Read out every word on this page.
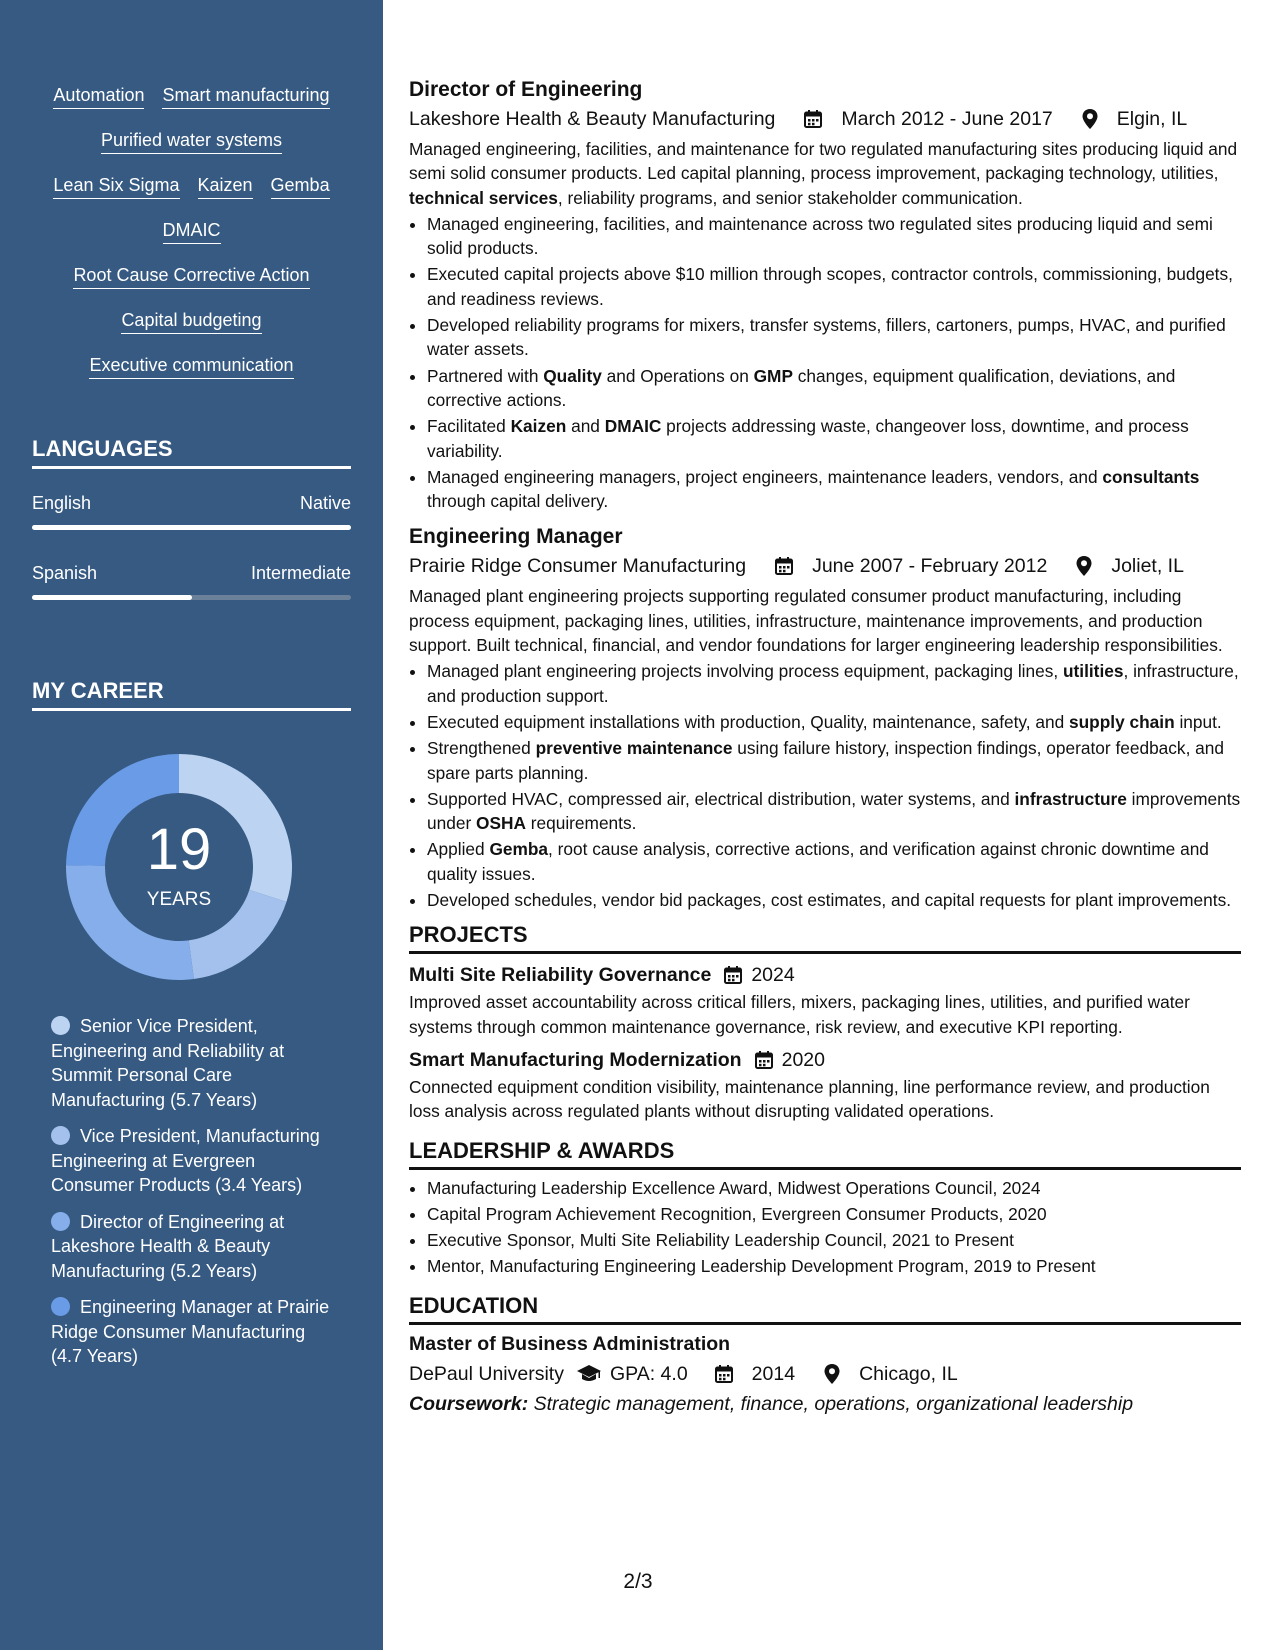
Automation Smart manufacturing
Purified water systems
Lean Six Sigma Kaizen Gemba
DMAIC
Root Cause Corrective Action
Capital budgeting
Executive communication
LANGUAGES
English	Native
Spanish	Intermediate
MY CAREER
19
YEARS
Senior Vice President, Engineering and Reliability at Summit Personal Care Manufacturing (5.7 Years)
Vice President, Manufacturing Engineering at Evergreen Consumer Products (3.4 Years)
Director of Engineering at Lakeshore Health & Beauty Manufacturing (5.2 Years)
Engineering Manager at Prairie Ridge Consumer Manufacturing (4.7 Years)
Director of Engineering
Lakeshore Health & Beauty Manufacturing	March 2012 - June 2017	Elgin, IL

Managed engineering, facilities, and maintenance for two regulated manufacturing sites producing liquid and semi solid consumer products. Led capital planning, process improvement, packaging technology, utilities, technical services, reliability programs, and senior stakeholder communication.

• Managed engineering, facilities, and maintenance across two regulated sites producing liquid and semi solid products.
• Executed capital projects above $10 million through scopes, contractor controls, commissioning, budgets, and readiness reviews.
• Developed reliability programs for mixers, transfer systems, fillers, cartoners, pumps, HVAC, and purified water assets.
• Partnered with Quality and Operations on GMP changes, equipment qualification, deviations, and corrective actions.
• Facilitated Kaizen and DMAIC projects addressing waste, changeover loss, downtime, and process variability.
• Managed engineering managers, project engineers, maintenance leaders, vendors, and consultants through capital delivery.
Engineering Manager
Prairie Ridge Consumer Manufacturing	June 2007 - February 2012	Joliet, IL

Managed plant engineering projects supporting regulated consumer product manufacturing, including process equipment, packaging lines, utilities, infrastructure, maintenance improvements, and production support. Built technical, financial, and vendor foundations for larger engineering leadership responsibilities.

• Managed plant engineering projects involving process equipment, packaging lines, utilities, infrastructure, and production support.
• Executed equipment installations with production, Quality, maintenance, safety, and supply chain input.
• Strengthened preventive maintenance using failure history, inspection findings, operator feedback, and spare parts planning.
• Supported HVAC, compressed air, electrical distribution, water systems, and infrastructure improvements under OSHA requirements.
• Applied Gemba, root cause analysis, corrective actions, and verification against chronic downtime and quality issues.
• Developed schedules, vendor bid packages, cost estimates, and capital requests for plant improvements.
PROJECTS
Multi Site Reliability Governance 2024

Improved asset accountability across critical fillers, mixers, packaging lines, utilities, and purified water systems through common maintenance governance, risk review, and executive KPI reporting.

Smart Manufacturing Modernization 2020

Connected equipment condition visibility, maintenance planning, line performance review, and production loss analysis across regulated plants without disrupting validated operations.

LEADERSHIP & AWARDS
• Manufacturing Leadership Excellence Award, Midwest Operations Council, 2024
• Capital Program Achievement Recognition, Evergreen Consumer Products, 2020
• Executive Sponsor, Multi Site Reliability Leadership Council, 2021 to Present
• Mentor, Manufacturing Engineering Leadership Development Program, 2019 to Present
EDUCATION
Master of Business Administration
DePaul University GPA: 4.0	2014	Chicago, IL
Coursework: Strategic management, finance, operations, organizational leadership
2/3
